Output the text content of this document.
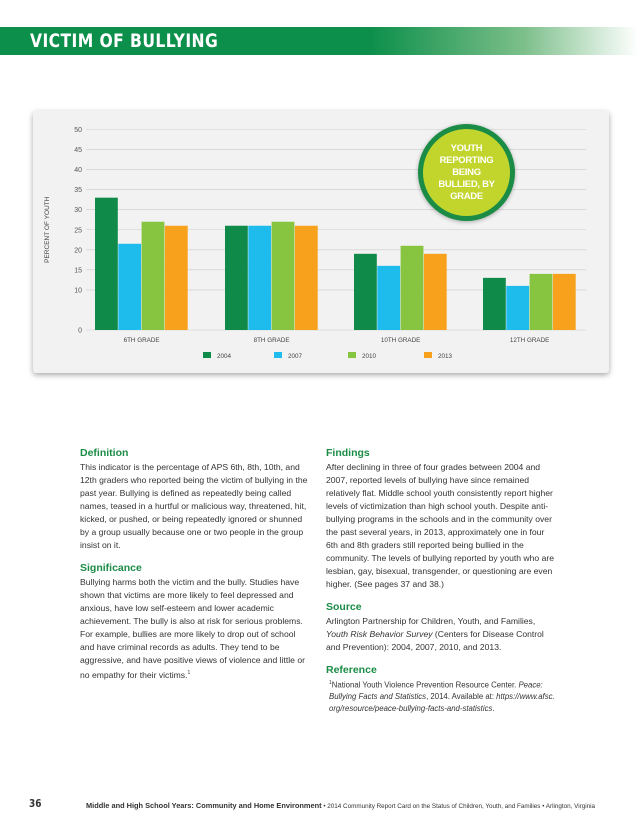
VICTIM OF BULLYING
0
10
15
20
25
30
35
40
45
50
PERCENT OF YOUTH
6TH GRADE	8TH GRADE	10TH GRADE	12TH GRADE
2004	2007	2010	2013
YOUTH REPORTING BEING BULLIED, BY GRADE
Definition

This indicator is the percentage of APS 6th, 8th, 10th, and 12th graders who reported being the victim of bullying in the past year. Bullying is defined as repeatedly being called names, teased in a hurtful or malicious way, threatened, hit, kicked, or pushed, or being repeatedly ignored or shunned by a group usually because one or two people in the group insist on it.

Significance

Bullying harms both the victim and the bully. Studies have shown that victims are more likely to feel depressed and anxious, have low self-esteem and lower academic achievement. The bully is also at risk for serious problems. For example, bullies are more likely to drop out of school and have criminal records as adults. They tend to be aggressive, and have positive views of violence and little or no empathy for their victims.$^1$

Findings

After declining in three of four grades between 2004 and 2007, reported levels of bullying have since remained relatively flat. Middle school youth consistently report higher levels of victimization than high school youth. Despite anti-bullying programs in the schools and in the community over the past several years, in 2013, approximately one in four 6th and 8th graders still reported being bullied in the community. The levels of bullying reported by youth who are lesbian, gay, bisexual, transgender, or questioning are even higher. (See pages 37 and 38.)

Source

Arlington Partnership for Children, Youth, and Families, Youth Risk Behavior Survey (Centers for Disease Control and Prevention): 2004, 2007, 2010, and 2013.

Reference

$^1$National Youth Violence Prevention Resource Center. Peace: Bullying Facts and Statistics, 2014. Available at: https://www.afsc.org/resource/peace-bullying-facts-and-statistics.

36	Middle and High School Years: Community and Home Environment • 2014 Community Report Card on the Status of Children, Youth, and Families • Arlington, Virginia
